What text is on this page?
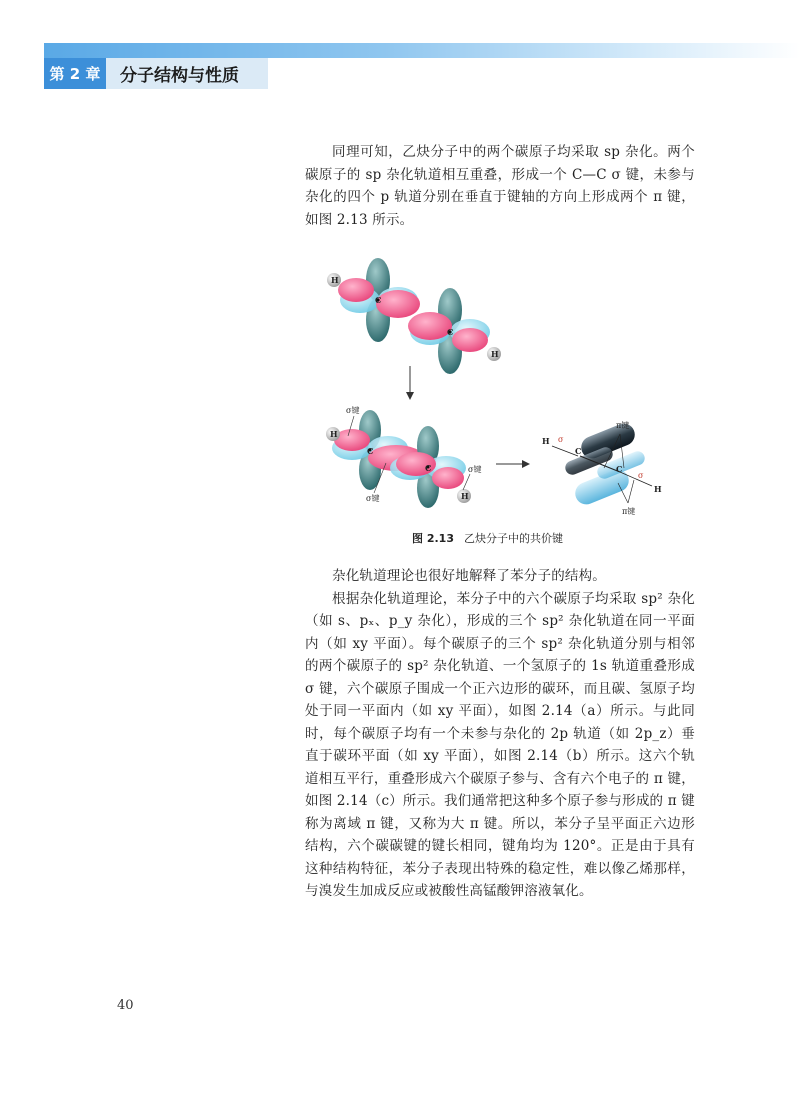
第 2 章	分子结构与性质

同理可知，乙炔分子中的两个碳原子均采取 sp 杂化。两个碳原子的 sp 杂化轨道相互重叠，形成一个 C—C σ 键，未参与杂化的四个 p 轨道分别在垂直于键轴的方向上形成两个 π 键，如图 2.13 所示。

C
H
C
H
C
C
H
H
σ键
σ键
σ键
π键
π键
H σ
C
C
σ
H
图 2.13 乙炔分子中的共价键

杂化轨道理论也很好地解释了苯分子的结构。

根据杂化轨道理论，苯分子中的六个碳原子均采取 sp² 杂化（如 s、pₓ、p_y 杂化），形成的三个 sp² 杂化轨道在同一平面内（如 xy 平面）。每个碳原子的三个 sp² 杂化轨道分别与相邻的两个碳原子的 sp² 杂化轨道、一个氢原子的 1s 轨道重叠形成 σ 键，六个碳原子围成一个正六边形的碳环，而且碳、氢原子均处于同一平面内（如 xy 平面），如图 2.14（a）所示。与此同时，每个碳原子均有一个未参与杂化的 2p 轨道（如 2p_z）垂直于碳环平面（如 xy 平面），如图 2.14（b）所示。这六个轨道相互平行，重叠形成六个碳原子参与、含有六个电子的 π 键，如图 2.14（c）所示。我们通常把这种多个原子参与形成的 π 键称为离域 π 键，又称为大 π 键。所以，苯分子呈平面正六边形结构，六个碳碳键的键长相同，键角均为 120°。正是由于具有这种结构特征，苯分子表现出特殊的稳定性，难以像乙烯那样，与溴发生加成反应或被酸性高锰酸钾溶液氧化。

40
